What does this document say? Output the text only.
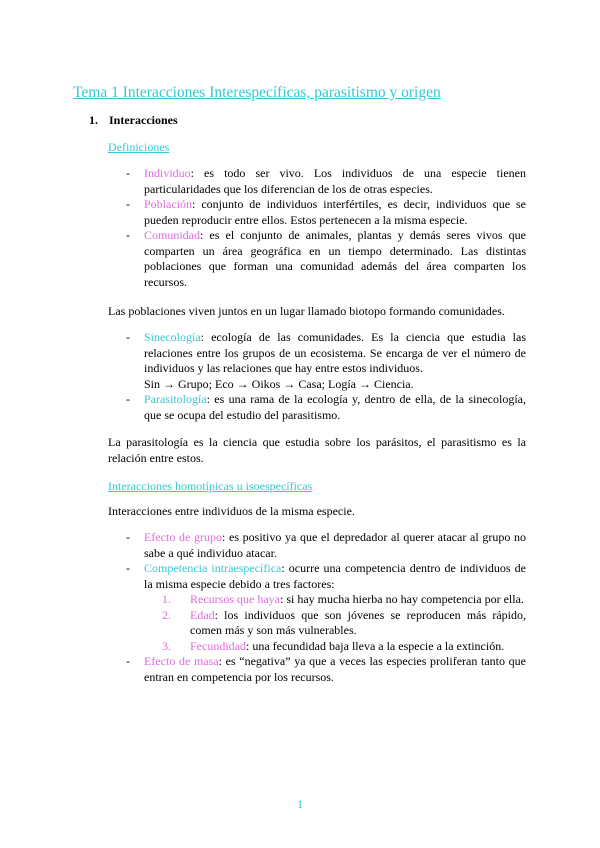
Tema 1 Interacciones Interespecíficas, parasitismo y origen
1. Interacciones
Definiciones
- Individuo: es todo ser vivo. Los individuos de una especie tienen particularidades que los diferencian de los de otras especies.
- Población: conjunto de individuos interfértiles, es decir, individuos que se pueden reproducir entre ellos. Estos pertenecen a la misma especie.
- Comunidad: es el conjunto de animales, plantas y demás seres vivos que comparten un área geográfica en un tiempo determinado. Las distintas poblaciones que forman una comunidad además del área comparten los recursos.

Las poblaciones viven juntos en un lugar llamado biotopo formando comunidades.

- Sinecología: ecología de las comunidades. Es la ciencia que estudia las relaciones entre los grupos de un ecosistema. Se encarga de ver el número de individuos y las relaciones que hay entre estos individuos.
Sin → Grupo; Eco → Oikos → Casa; Logía → Ciencia.
- Parasitología: es una rama de la ecología y, dentro de ella, de la sinecología, que se ocupa del estudio del parasitismo.

La parasitología es la ciencia que estudia sobre los parásitos, el parasitismo es la relación entre estos.

Interacciones homotípicas u isoespecíficas

Interacciones entre individuos de la misma especie.

- Efecto de grupo: es positivo ya que el depredador al querer atacar al grupo no sabe a qué individuo atacar.
- Competencia intraespecífica: ocurre una competencia dentro de individuos de la misma especie debido a tres factores:
1. Recursos que haya: si hay mucha hierba no hay competencia por ella.
2. Edad: los individuos que son jóvenes se reproducen más rápido, comen más y son más vulnerables.
3. Fecundidad: una fecundidad baja lleva a la especie a la extinción.
- Efecto de masa: es “negativa” ya que a veces las especies proliferan tanto que entran en competencia por los recursos.
1
